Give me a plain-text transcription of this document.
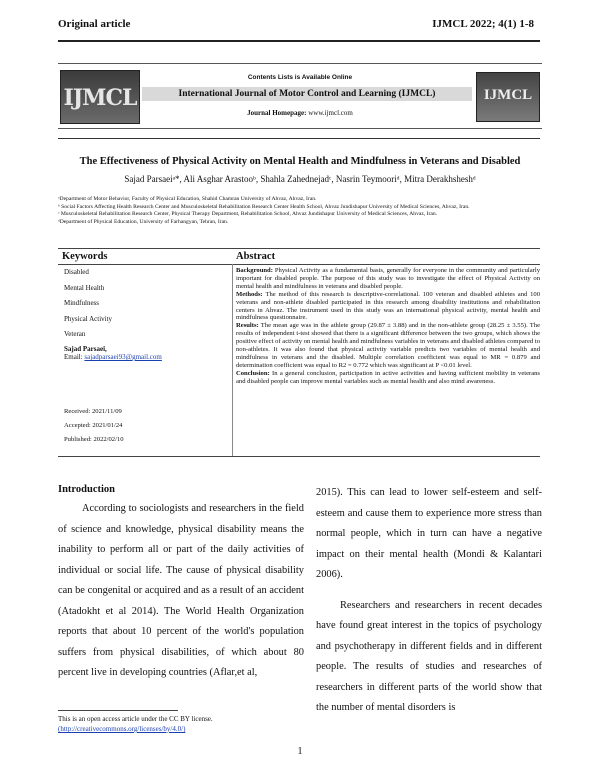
Original article	IJMCL 2022; 4(1) 1-8
IJMCL
Contents Lists is Available Online
International Journal of Motor Control and Learning (IJMCL)
Journal Homepage: www.ijmcl.com
IJMCL
The Effectiveness of Physical Activity on Mental Health and Mindfulness in Veterans and Disabled
Sajad Parsaeiᵃ*, Ali Asghar Arastooᵇ, Shahla Zahednejadᶜ, Nasrin Teymooriᵈ, Mitra Derakhsheshᵈ

ᵃDepartment of Motor Behavior, Faculty of Physical Education, Shahid Chamran University of Ahvaz, Ahvaz, Iran.

ᵇ Social Factors Affecting Health Research Center and Musculoskeletal Rehabilitation Research Center Health School, Ahvaz Jundishapur University of Medical Sciences, Ahvaz, Iran.

ᶜ Musculoskeletal Rehabilitation Research Center, Physical Therapy Department, Rehabilitation School, Ahvaz Jundishapur University of Medical Sciences, Ahvaz, Iran.

ᵈDepartment of Physical Education, University of Farhangyan, Tehran, Iran.

Keywords	Abstract
Disabled
Mental Health
Mindfulness
Physical Activity
Veteran
Sajad Parsaei,
Email: sajadparsaei93@gmail.com
Received: 2021/11/09
Accepted: 2021/01/24
Published: 2022/02/10

Background: Physical Activity as a fundamental basis, generally for everyone in the community and particularly important for disabled people. The purpose of this study was to investigate the effect of Physical Activity on mental health and mindfulness in veterans and disabled people.

Methods: The method of this research is descriptive-correlational. 100 veteran and disabled athletes and 100 veterans and non-athlete disabled participated in this research among disability institutions and rehabilitation centers in Ahvaz. The instrument used in this study was an international physical activity, mental health and mindfulness questionnaire.

Results: The mean age was in the athlete group (29.87 ± 3.88) and in the non-athlete group (28.25 ± 3.55). The results of independent t-test showed that there is a significant difference between the two groups, which shows the positive effect of activity on mental health and mindfulness variables in veterans and disabled athletes compared to non-athletes. It was also found that physical activity variable predicts two variables of mental health and mindfulness in veterans and the disabled. Multiple correlation coefficient was equal to MR = 0.879 and determination coefficient was equal to R2 = 0.772 which was significant at P <0.01 level.

Conclusion: In a general conclusion, participation in active activities and having sufficient mobility in veterans and disabled people can improve mental variables such as mental health and also mind awareness.

Introduction

According to sociologists and researchers in the field of science and knowledge, physical disability means the inability to perform all or part of the daily activities of individual or social life. The cause of physical disability can be congenital or acquired and as a result of an accident (Atadokht et al 2014). The World Health Organization reports that about 10 percent of the world's population suffers from physical disabilities, of which about 80 percent live in developing countries (Aflar,et al,

2015). This can lead to lower self-esteem and self-esteem and cause them to experience more stress than normal people, which in turn can have a negative impact on their mental health (Mondi & Kalantari 2006).

Researchers and researchers in recent decades have found great interest in the topics of psychology and psychotherapy in different fields and in different people. The results of studies and researches of researchers in different parts of the world show that the number of mental disorders is

This is an open access article under the CC BY license.
(http://creativecommons.org/licenses/by/4.0/)
1
